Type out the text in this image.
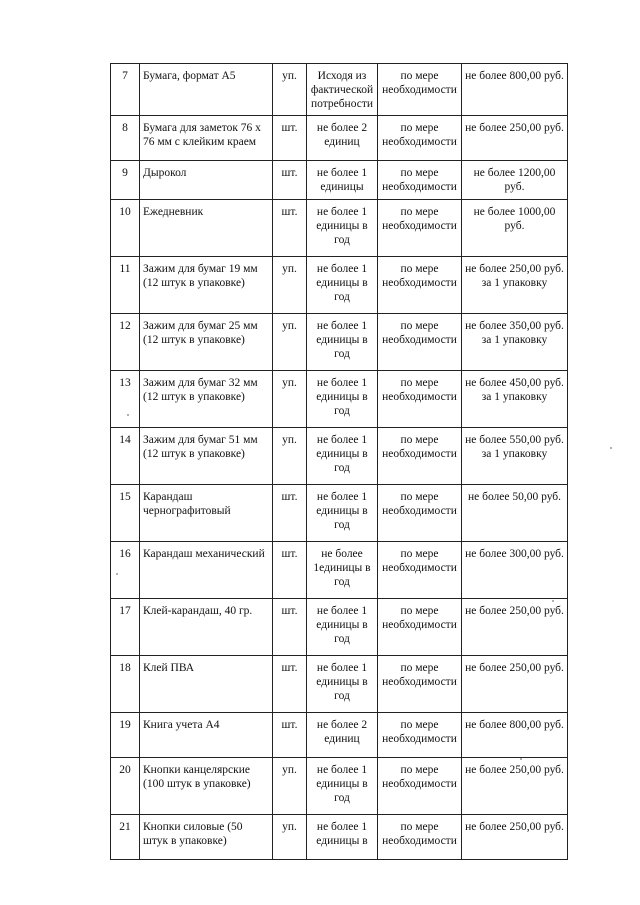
7	Бумага, формат А5	уп.	Исходя из фактической потребности	по мере необходимости	не более 800,00 руб.
8	Бумага для заметок 76 х 76 мм с клейким краем	шт.	не более 2 единиц	по мере необходимости	не более 250,00 руб.
9	Дырокол	шт.	не более 1 единицы	по мере необходимости	не более 1200,00 руб.
10	Ежедневник	шт.	не более 1 единицы в год	по мере необходимости	не более 1000,00 руб.
11	Зажим для бумаг 19 мм (12 штук в упаковке)	уп.	не более 1 единицы в год	по мере необходимости	не более 250,00 руб. за 1 упаковку
12	Зажим для бумаг 25 мм (12 штук в упаковке)	уп.	не более 1 единицы в год	по мере необходимости	не более 350,00 руб. за 1 упаковку
13	Зажим для бумаг 32 мм (12 штук в упаковке)	уп.	не более 1 единицы в год	по мере необходимости	не более 450,00 руб. за 1 упаковку
14	Зажим для бумаг 51 мм (12 штук в упаковке)	уп.	не более 1 единицы в год	по мере необходимости	не более 550,00 руб. за 1 упаковку
15	Карандаш чернографитовый	шт.	не более 1 единицы в год	по мере необходимости	не более 50,00 руб.
16	Карандаш механический	шт.	не более 1единицы в год	по мере необходимости	не более 300,00 руб.
17	Клей-карандаш, 40 гр.	шт.	не более 1 единицы в год	по мере необходимости	не более 250,00 руб.
18	Клей ПВА	шт.	не более 1 единицы в год	по мере необходимости	не более 250,00 руб.
19	Книга учета А4	шт.	не более 2 единиц	по мере необходимости	не более 800,00 руб.
20	Кнопки канцелярские (100 штук в упаковке)	уп.	не более 1 единицы в год	по мере необходимости	не более 250,00 руб.
21	Кнопки силовые (50 штук в упаковке)	уп.	не более 1 единицы в	по мере необходимости	не более 250,00 руб.
